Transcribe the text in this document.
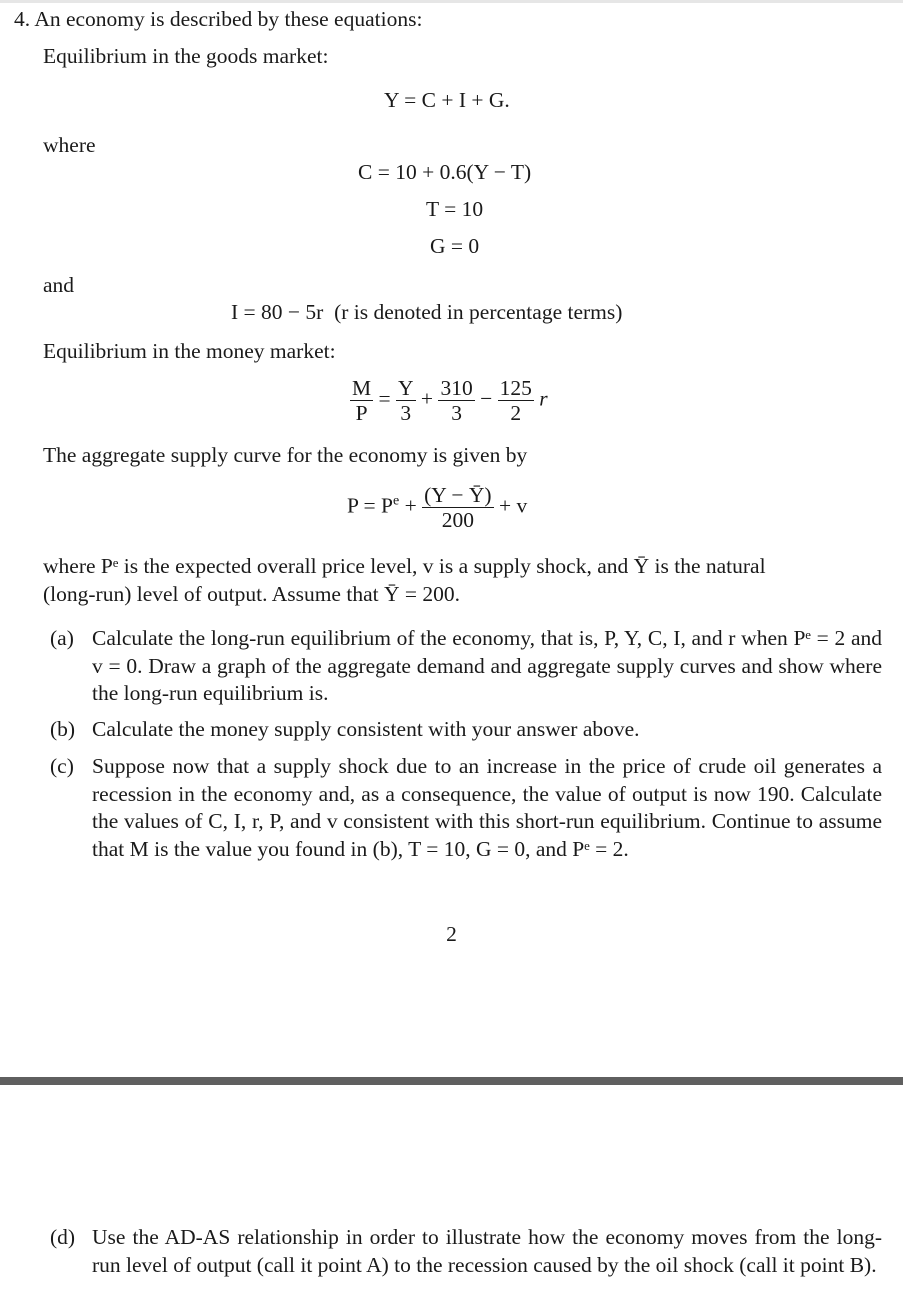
4. An economy is described by these equations:
Equilibrium in the goods market:
Y = C + I + G.
where
C = 10 + 0.6(Y − T)
T = 10
G = 0
and
I = 80 − 5r (r is denoted in percentage terms)
Equilibrium in the money market:
$\frac{M}{P} = \frac{Y}{3} + \frac{310}{3} - \frac{125}{2}$ r
The aggregate supply curve for the economy is given by
$P = P^e + \frac{(Y - Ȳ)}{200} + v$
where Pᵉ is the expected overall price level, v is a supply shock, and Ȳ is the natural
(long-run) level of output. Assume that Ȳ = 200.
(a) Calculate the long-run equilibrium of the economy, that is, P, Y, C, I, and r when Pᵉ = 2 and v = 0. Draw a graph of the aggregate demand and aggregate supply curves and show where the long-run equilibrium is.
(b) Calculate the money supply consistent with your answer above.
(c) Suppose now that a supply shock due to an increase in the price of crude oil generates a recession in the economy and, as a consequence, the value of output is now 190. Calculate the values of C, I, r, P, and v consistent with this short-run equilibrium. Continue to assume that M is the value you found in (b), T = 10, G = 0, and Pᵉ = 2.
2
(d) Use the AD-AS relationship in order to illustrate how the economy moves from the long-run level of output (call it point A) to the recession caused by the oil shock (call it point B).
